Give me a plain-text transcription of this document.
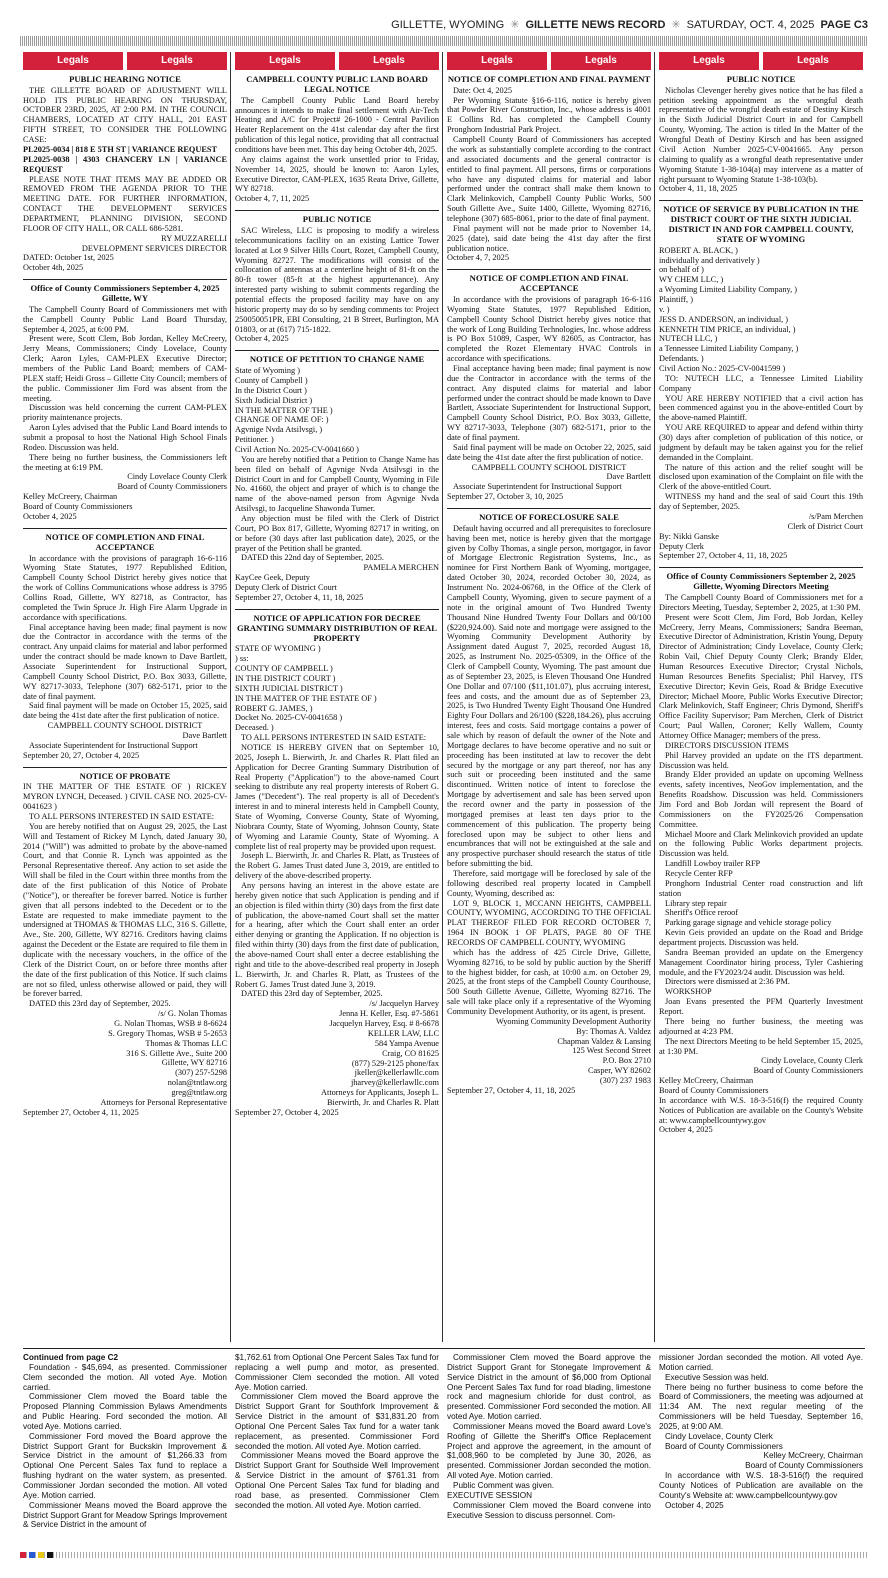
GILLETTE, WYOMING ✳ GILLETTE NEWS RECORD ✳ SATURDAY, OCT. 4, 2025 PAGE C3
Legals	Legals
PUBLIC HEARING NOTICE

THE GILLETTE BOARD OF ADJUSTMENT WILL HOLD ITS PUBLIC HEARING ON THURSDAY, OCTOBER 23RD, 2025, AT 2:00 P.M. IN THE COUNCIL CHAMBERS, LOCATED AT CITY HALL, 201 EAST FIFTH STREET, TO CONSIDER THE FOLLOWING CASE:

PL2025-0034 | 818 E 5TH ST | VARIANCE REQUEST

PL2025-0038 | 4303 CHANCERY LN | VARIANCE REQUEST

PLEASE NOTE THAT ITEMS MAY BE ADDED OR REMOVED FROM THE AGENDA PRIOR TO THE MEETING DATE. FOR FURTHER INFORMATION, CONTACT THE DEVELOPMENT SERVICES DEPARTMENT, PLANNING DIVISION, SECOND FLOOR OF CITY HALL, OR CALL 686-5281.

RY MUZZARELLI

DEVELOPMENT SERVICES DIRECTOR

DATED: October 1st, 2025

October 4th, 2025

Office of County Commissioners September 4, 2025 Gillette, WY

The Campbell County Board of Commissioners met with the Campbell County Public Land Board Thursday, September 4, 2025, at 6:00 PM.

Present were, Scott Clem, Bob Jordan, Kelley McCreery, Jerry Means, Commissioners; Cindy Lovelace, County Clerk; Aaron Lyles, CAM-PLEX Executive Director; members of the Public Land Board; members of CAM-PLEX staff; Heidi Gross – Gillette City Council; members of the public. Commissioner Jim Ford was absent from the meeting.

Discussion was held concerning the current CAM-PLEX priority maintenance projects.

Aaron Lyles advised that the Public Land Board intends to submit a proposal to host the National High School Finals Rodeo. Discussion was held.

There being no further business, the Commissioners left the meeting at 6:19 PM.

Cindy Lovelace County Clerk

Board of County Commissioners

Kelley McCreery, Chairman

Board of County Commissioners

October 4, 2025

NOTICE OF COMPLETION AND FINAL ACCEPTANCE

In accordance with the provisions of paragraph 16-6-116 Wyoming State Statutes, 1977 Republished Edition, Campbell County School District hereby gives notice that the work of Collins Communications whose address is 3795 Collins Road, Gillette, WY 82718, as Contractor, has completed the Twin Spruce Jr. High Fire Alarm Upgrade in accordance with specifications.

Final acceptance having been made; final payment is now due the Contractor in accordance with the terms of the contract. Any unpaid claims for material and labor performed under the contract should be made known to Dave Bartlett, Associate Superintendent for Instructional Support, Campbell County School District, P.O. Box 3033, Gillette, WY 82717-3033, Telephone (307) 682-5171, prior to the date of final payment.

Said final payment will be made on October 15, 2025, said date being the 41st date after the first publication of notice.

CAMPBELL COUNTY SCHOOL DISTRICT

Dave Bartlett

Associate Superintendent for Instructional Support

September 20, 27, October 4, 2025

NOTICE OF PROBATE

IN THE MATTER OF THE ESTATE OF ) RICKEY MYRON LYNCH, Deceased. ) CIVIL CASE NO. 2025-CV-0041623 )

TO ALL PERSONS INTERESTED IN SAID ESTATE:

You are hereby notified that on August 29, 2025, the Last Will and Testament of Rickey M Lynch, dated January 30, 2014 ("Will") was admitted to probate by the above-named Court, and that Connie R. Lynch was appointed as the Personal Representative thereof. Any action to set aside the Will shall be filed in the Court within three months from the date of the first publication of this Notice of Probate ("Notice"), or thereafter be forever barred. Notice is further given that all persons indebted to the Decedent or to the Estate are requested to make immediate payment to the undersigned at THOMAS & THOMAS LLC, 316 S. Gillette, Ave., Ste. 200, Gillette, WY 82716. Creditors having claims against the Decedent or the Estate are required to file them in duplicate with the necessary vouchers, in the office of the Clerk of the District Court, on or before three months after the date of the first publication of this Notice. If such claims are not so filed, unless otherwise allowed or paid, they will be forever barred.

DATED this 23rd day of September, 2025.

/s/ G. Nolan Thomas

G. Nolan Thomas, WSB # 8-6624

S. Gregory Thomas, WSB # 5-2653

Thomas & Thomas LLC

316 S. Gillette Ave., Suite 200

Gillette, WY 82716

(307) 257-5298

nolan@tntlaw.org

greg@tntlaw.org

Attorneys for Personal Representative

September 27, October 4, 11, 2025

Legals	Legals
CAMPBELL COUNTY PUBLIC LAND BOARD LEGAL NOTICE

The Campbell County Public Land Board hereby announces it intends to make final settlement with Air-Tech Heating and A/C for Project# 26-1000 - Central Pavilion Heater Replacement on the 41st calendar day after the first publication of this legal notice, providing that all contractual conditions have been met. This day being October 4th, 2025.

Any claims against the work unsettled prior to Friday, November 14, 2025, should be known to: Aaron Lyles, Executive Director, CAM-PLEX, 1635 Reata Drive, Gillette, WY 82718.

October 4, 7, 11, 2025

PUBLIC NOTICE

SAC Wireless, LLC is proposing to modify a wireless telecommunications facility on an existing Lattice Tower located at Lot 9 Silver Hills Court, Rozet, Campbell County, Wyoming 82727. The modifications will consist of the collocation of antennas at a centerline height of 81-ft on the 80-ft tower (85-ft at the highest appurtenance). Any interested party wishing to submit comments regarding the potential effects the proposed facility may have on any historic property may do so by sending comments to: Project 250050051PR, EBI Consulting, 21 B Street, Burlington, MA 01803, or at (617) 715-1822.

October 4, 2025

NOTICE OF PETITION TO CHANGE NAME

State of Wyoming )

County of Campbell )

In the District Court )

Sixth Judicial District )

IN THE MATTER OF THE )

CHANGE OF NAME OF: )

Agvnige Nvda Atsilvsgi, )

Petitioner. )

Civil Action No. 2025-CV-0041660 )

You are hereby notified that a Petition to Change Name has been filed on behalf of Agvnige Nvda Atsilvsgi in the District Court in and for Campbell County, Wyoming in File No. 41660, the object and prayer of which is to change the name of the above-named person from Agvnige Nvda Atsilvsgi, to Jacqueline Shawonda Turner.

Any objection must be filed with the Clerk of District Court, PO Box 817, Gillette, Wyoming 82717 in writing, on or before (30 days after last publication date), 2025, or the prayer of the Petition shall be granted.

DATED this 22nd day of September, 2025.

PAMELA MERCHEN

KayCee Geek, Deputy

Deputy Clerk of District Court

September 27, October 4, 11, 18, 2025

NOTICE OF APPLICATION FOR DECREE GRANTING SUMMARY DISTRIBUTION OF REAL PROPERTY

STATE OF WYOMING )

) ss:

COUNTY OF CAMPBELL )

IN THE DISTRICT COURT )

SIXTH JUDICIAL DISTRICT )

IN THE MATTER OF THE ESTATE OF )

ROBERT G. JAMES, )

Docket No. 2025-CV-0041658 )

Deceased. )

TO ALL PERSONS INTERESTED IN SAID ESTATE:

NOTICE IS HEREBY GIVEN that on September 10, 2025, Joseph L. Bierwirth, Jr. and Charles R. Platt filed an Application for Decree Granting Summary Distribution of Real Property ("Application") to the above-named Court seeking to distribute any real property interests of Robert G. James ("Decedent"). The real property is all of Decedent's interest in and to mineral interests held in Campbell County, State of Wyoming, Converse County, State of Wyoming, Niobrara County, State of Wyoming, Johnson County, State of Wyoming and Laramie County, State of Wyoming. A complete list of real property may be provided upon request.

Joseph L. Bierwirth, Jr. and Charles R. Platt, as Trustees of the Robert G. James Trust dated June 3, 2019, are entitled to delivery of the above-described property.

Any persons having an interest in the above estate are hereby given notice that such Application is pending and if an objection is filed within thirty (30) days from the first date of publication, the above-named Court shall set the matter for a hearing, after which the Court shall enter an order either denying or granting the Application. If no objection is filed within thirty (30) days from the first date of publication, the above-named Court shall enter a decree establishing the right and title to the above-described real property in Joseph L. Bierwirth, Jr. and Charles R. Platt, as Trustees of the Robert G. James Trust dated June 3, 2019.

DATED this 23rd day of September, 2025.

/s/ Jacquelyn Harvey

Jenna H. Keller, Esq. #7-5861

Jacquelyn Harvey, Esq. # 8-6678

KELLER LAW, LLC

584 Yampa Avenue

Craig, CO 81625

(877) 529-2125 phone/fax

jkeller@kellerlawllc.com

jharvey@kellerlawllc.com

Attorneys for Applicants, Joseph L.

Bierwirth, Jr. and Charles R. Platt

September 27, October 4, 2025

Legals	Legals
NOTICE OF COMPLETION AND FINAL PAYMENT

Date: Oct 4, 2025

Per Wyoming Statute §16-6-116, notice is hereby given that Powder River Construction, Inc., whose address is 4001 E Collins Rd. has completed the Campbell County Pronghorn Industrial Park Project.

Campbell County Board of Commissioners has accepted the work as substantially complete according to the contract and associated documents and the general contractor is entitled to final payment. All persons, firms or corporations who have any disputed claims for material and labor performed under the contract shall make them known to Clark Melinkovich, Campbell County Public Works, 500 South Gillette Ave., Suite 1400, Gillette, Wyoming 82716, telephone (307) 685-8061, prior to the date of final payment.

Final payment will not be made prior to November 14, 2025 (date), said date being the 41st day after the first publication notice.

October 4, 7, 2025

NOTICE OF COMPLETION AND FINAL ACCEPTANCE

In accordance with the provisions of paragraph 16-6-116 Wyoming State Statutes, 1977 Republished Edition, Campbell County School District hereby gives notice that the work of Long Building Technologies, Inc. whose address is PO Box 51089, Casper, WY 82605, as Contractor, has completed the Rozet Elementary HVAC Controls in accordance with specifications.

Final acceptance having been made; final payment is now due the Contractor in accordance with the terms of the contract. Any disputed claims for material and labor performed under the contract should be made known to Dave Bartlett, Associate Superintendent for Instructional Support, Campbell County School District, P.O. Box 3033, Gillette, WY 82717-3033, Telephone (307) 682-5171, prior to the date of final payment.

Said final payment will be made on October 22, 2025, said date being the 41st date after the first publication of notice.

CAMPBELL COUNTY SCHOOL DISTRICT

Dave Bartlett

Associate Superintendent for Instructional Support

September 27, October 3, 10, 2025

NOTICE OF FORECLOSURE SALE

Default having occurred and all prerequisites to foreclosure having been met, notice is hereby given that the mortgage given by Colby Thomas, a single person, mortgagor, in favor of Mortgage Electronic Registration Systems, Inc., as nominee for First Northern Bank of Wyoming, mortgagee, dated October 30, 2024, recorded October 30, 2024, as Instrument No. 2024-06768, in the Office of the Clerk of Campbell County, Wyoming, given to secure payment of a note in the original amount of Two Hundred Twenty Thousand Nine Hundred Twenty Four Dollars and 00/100 ($220,924.00). Said note and mortgage were assigned to the Wyoming Community Development Authority by Assignment dated August 7, 2025, recorded August 18, 2025, as Instrument No. 2025-05309, in the Office of the Clerk of Campbell County, Wyoming. The past amount due as of September 23, 2025, is Eleven Thousand One Hundred One Dollar and 07/100 ($11,101.07), plus accruing interest, fees and costs, and the amount due as of September 23, 2025, is Two Hundred Twenty Eight Thousand One Hundred Eighty Four Dollars and 26/100 ($228,184.26), plus accruing interest, fees and costs. Said mortgage contains a power of sale which by reason of default the owner of the Note and Mortgage declares to have become operative and no suit or proceeding has been instituted at law to recover the debt secured by the mortgage or any part thereof, nor has any such suit or proceeding been instituted and the same discontinued. Written notice of intent to foreclose the Mortgage by advertisement and sale has been served upon the record owner and the party in possession of the mortgaged premises at least ten days prior to the commencement of this publication. The property being foreclosed upon may be subject to other liens and encumbrances that will not be extinguished at the sale and any prospective purchaser should research the status of title before submitting the bid.

Therefore, said mortgage will be foreclosed by sale of the following described real property located in Campbell County, Wyoming, described as:

LOT 9, BLOCK 1, MCCANN HEIGHTS, CAMPBELL COUNTY, WYOMING, ACCORDING TO THE OFFICIAL PLAT THEREOF FILED FOR RECORD OCTOBER 7, 1964 IN BOOK 1 OF PLATS, PAGE 80 OF THE RECORDS OF CAMPBELL COUNTY, WYOMING

which has the address of 425 Circle Drive, Gillette, Wyoming 82716, to be sold by public auction by the Sheriff to the highest bidder, for cash, at 10:00 a.m. on October 29, 2025, at the front steps of the Campbell County Courthouse, 500 South Gillette Avenue, Gillette, Wyoming 82716. The sale will take place only if a representative of the Wyoming Community Development Authority, or its agent, is present.

Wyoming Community Development Authority

By: Thomas A. Valdez

Chapman Valdez & Lansing

125 West Second Street

P.O. Box 2710

Casper, WY 82602

(307) 237 1983

September 27, October 4, 11, 18, 2025

Legals	Legals
PUBLIC NOTICE

Nicholas Clevenger hereby gives notice that he has filed a petition seeking appointment as the wrongful death representative of the wrongful death estate of Destiny Kirsch in the Sixth Judicial District Court in and for Campbell County, Wyoming. The action is titled In the Matter of the Wrongful Death of Destiny Kirsch and has been assigned Civil Action Number 2025-CV-0041665. Any person claiming to qualify as a wrongful death representative under Wyoming Statute 1-38-104(a) may intervene as a matter of right pursuant to Wyoming Statute 1-38-103(b).

October 4, 11, 18, 2025

NOTICE OF SERVICE BY PUBLICATION IN THE DISTRICT COURT OF THE SIXTH JUDICIAL DISTRICT IN AND FOR CAMPBELL COUNTY, STATE OF WYOMING

ROBERT A. BLACK, )

individually and derivatively )

on behalf of )

WY CHEM LLC, )

a Wyoming Limited Liability Company, )

Plaintiff, )

v. )

JESS D. ANDERSON, an individual, )

KENNETH TIM PRICE, an individual, )

NUTECH LLC, )

a Tennessee Limited Liability Company, )

Defendants. )

Civil Action No.: 2025-CV-0041599 )

TO: NUTECH LLC, a Tennessee Limited Liability Company

YOU ARE HEREBY NOTIFIED that a civil action has been commenced against you in the above-entitled Court by the above-named Plaintiff.

YOU ARE REQUIRED to appear and defend within thirty (30) days after completion of publication of this notice, or judgment by default may be taken against you for the relief demanded in the Complaint.

The nature of this action and the relief sought will be disclosed upon examination of the Complaint on file with the Clerk of the above-entitled Court.

WITNESS my hand and the seal of said Court this 19th day of September, 2025.

/s/Pam Merchen

Clerk of District Court

By: Nikki Ganske

Deputy Clerk

September 27, October 4, 11, 18, 2025

Office of County Commissioners September 2, 2025 Gillette, Wyoming Directors Meeting

The Campbell County Board of Commissioners met for a Directors Meeting, Tuesday, September 2, 2025, at 1:30 PM.

Present were Scott Clem, Jim Ford, Bob Jordan, Kelley McCreery, Jerry Means, Commissioners; Sandra Beeman, Executive Director of Administration, Kristin Young, Deputy Director of Administration; Cindy Lovelace, County Clerk; Robin Vail, Chief Deputy County Clerk; Brandy Elder, Human Resources Executive Director; Crystal Nichols, Human Resources Benefits Specialist; Phil Harvey, ITS Executive Director; Kevin Geis, Road & Bridge Executive Director; Michael Moore, Public Works Executive Director; Clark Melinkovich, Staff Engineer; Chris Dymond, Sheriff's Office Facility Supervisor; Pam Merchen, Clerk of District Court; Paul Wallen, Coroner; Kelly Wallem, County Attorney Office Manager; members of the press.

DIRECTORS DISCUSSION ITEMS

Phil Harvey provided an update on the ITS department. Discussion was held.

Brandy Elder provided an update on upcoming Wellness events, safety incentives, NeoGov implementation, and the Benefits Roadshow. Discussion was held. Commissioners Jim Ford and Bob Jordan will represent the Board of Commissioners on the FY2025/26 Compensation Committee.

Michael Moore and Clark Melinkovich provided an update on the following Public Works department projects. Discussion was held.

Landfill Lowboy trailer RFP

Recycle Center RFP

Pronghorn Industrial Center road construction and lift station

Library step repair

Sheriff's Office reroof

Parking garage signage and vehicle storage policy

Kevin Geis provided an update on the Road and Bridge department projects. Discussion was held.

Sandra Beeman provided an update on the Emergency Management Coordinator hiring process, Tyler Cashiering module, and the FY2023/24 audit. Discussion was held.

Directors were dismissed at 2:36 PM.

WORKSHOP

Joan Evans presented the PFM Quarterly Investment Report.

There being no further business, the meeting was adjourned at 4:23 PM.

The next Directors Meeting to be held September 15, 2025, at 1:30 PM.

Cindy Lovelace, County Clerk

Board of County Commissioners

Kelley McCreery, Chairman

Board of County Commissioners

In accordance with W.S. 18-3-516(f) the required County Notices of Publication are available on the County's Website at: www.campbellcountywy.gov

October 4, 2025

Continued from page C2

Foundation - $45,694, as presented. Commissioner Clem seconded the motion. All voted Aye. Motion carried.

Commissioner Clem moved the Board table the Proposed Planning Commission Bylaws Amendments and Public Hearing. Ford seconded the motion. All voted Aye. Motions carried.

Commissioner Ford moved the Board approve the District Support Grant for Buckskin Improvement & Service District in the amount of $1,266.33 from Optional One Percent Sales Tax fund to replace a flushing hydrant on the water system, as presented. Commissioner Jordan seconded the motion. All voted Aye. Motion carried.

Commissioner Means moved the Board approve the District Support Grant for Meadow Springs Improvement & Service District in the amount of

$1,762.61 from Optional One Percent Sales Tax fund for replacing a well pump and motor, as presented. Commissioner Clem seconded the motion. All voted Aye. Motion carried.

Commissioner Clem moved the Board approve the District Support Grant for Southfork Improvement & Service District in the amount of $31,831.20 from Optional One Percent Sales Tax fund for a water tank replacement, as presented. Commissioner Ford seconded the motion. All voted Aye. Motion carried.

Commissioner Means moved the Board approve the District Support Grant for Southside Well Improvement & Service District in the amount of $761.31 from Optional One Percent Sales Tax fund for blading and road base, as presented. Commissioner Clem seconded the motion. All voted Aye. Motion carried.

Commissioner Clem moved the Board approve the District Support Grant for Stonegate Improvement & Service District in the amount of $6,000 from Optional One Percent Sales Tax fund for road blading, limestone rock and magnesium chloride for dust control, as presented. Commissioner Ford seconded the motion. All voted Aye. Motion carried.

Commissioner Means moved the Board award Love's Roofing of Gillette the Sheriff's Office Replacement Project and approve the agreement, in the amount of $1,008,960 to be completed by June 30, 2026, as presented. Commissioner Jordan seconded the motion. All voted Aye. Motion carried.

Public Comment was given.

EXECUTIVE SESSION

Commissioner Clem moved the Board convene into Executive Session to discuss personnel. Com-

missioner Jordan seconded the motion. All voted Aye. Motion carried.

Executive Session was held.

There being no further business to come before the Board of Commissioners, the meeting was adjourned at 11:34 AM. The next regular meeting of the Commissioners will be held Tuesday, September 16, 2025, at 9:00 AM.

Cindy Lovelace, County Clerk

Board of County Commissioners

Kelley McCreery, Chairman

Board of County Commissioners

In accordance with W.S. 18-3-516(f) the required County Notices of Publication are available on the County's Website at: www.campbellcountywy.gov

October 4, 2025
